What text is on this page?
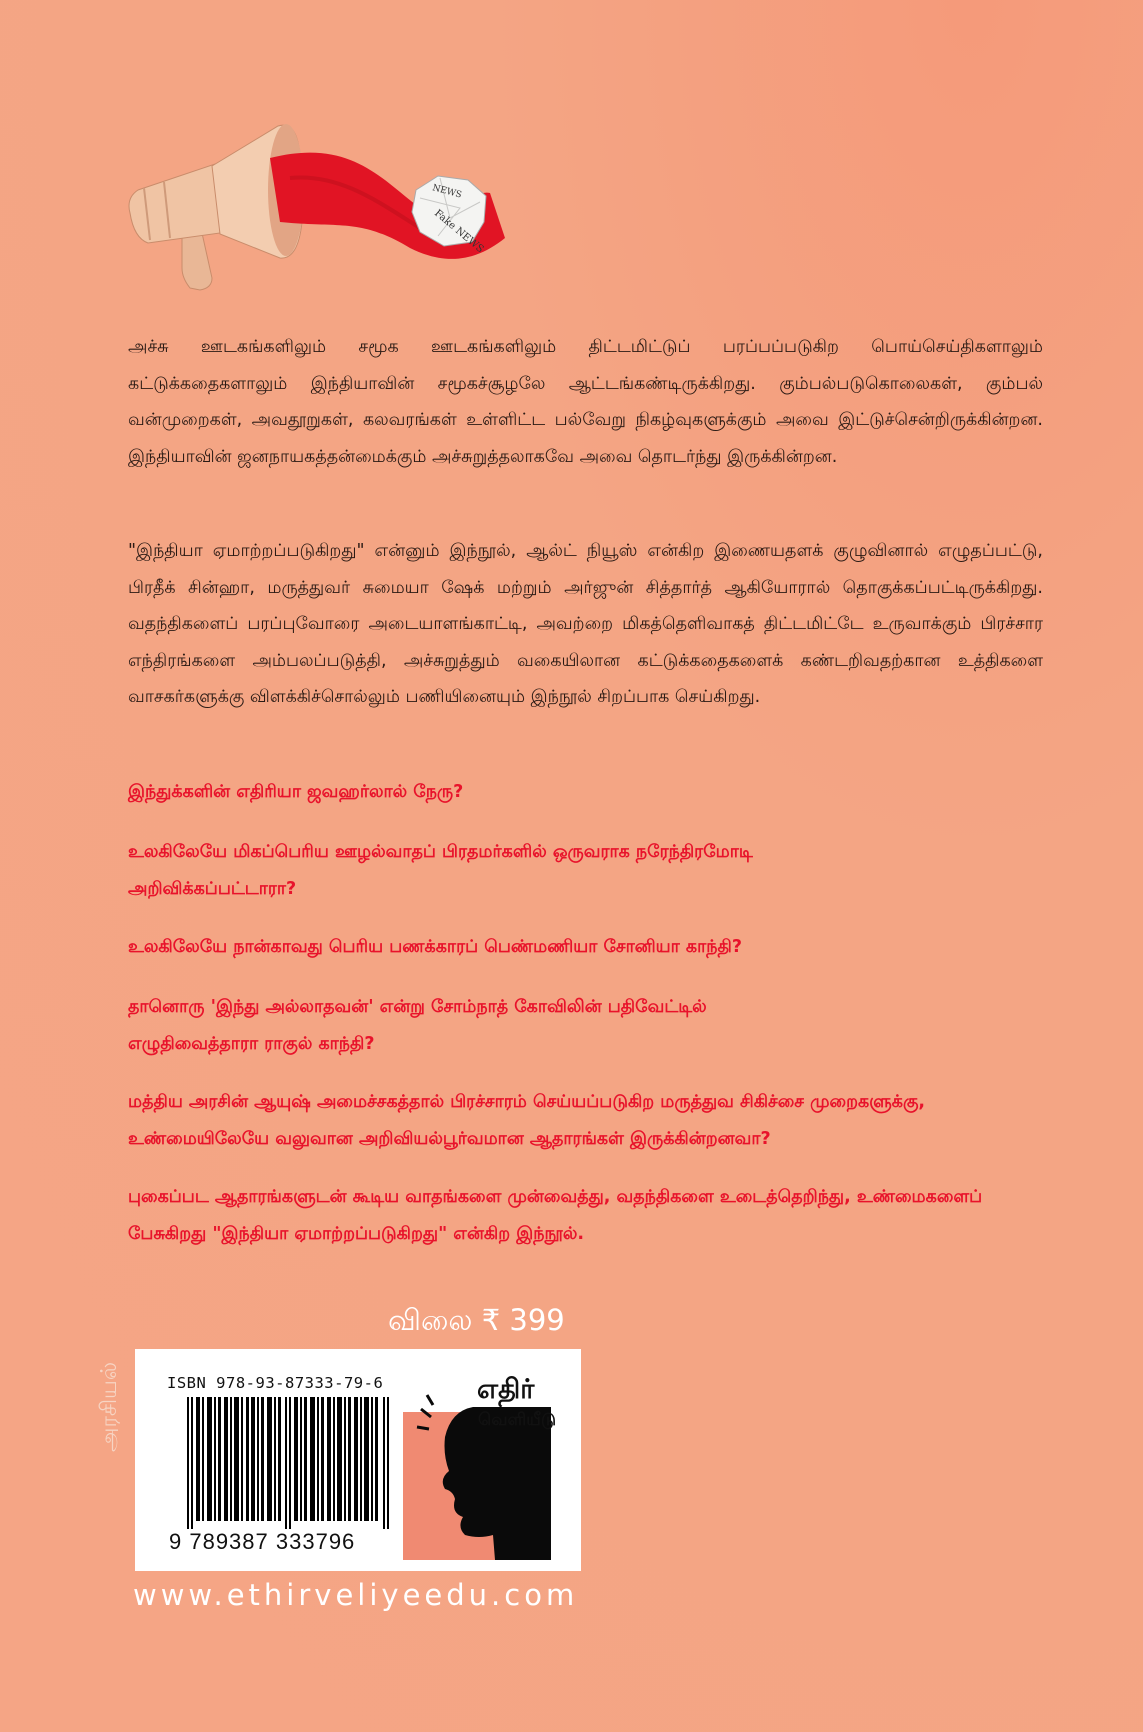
NEWS
Fake NEWS

அச்சு ஊடகங்களிலும் சமூக ஊடகங்களிலும் திட்டமிட்டுப் பரப்பப்படுகிற பொய்செய்திகளாலும் கட்டுக்கதைகளாலும் இந்தியாவின் சமூகச்சூழலே ஆட்டங்கண்டிருக்கிறது. கும்பல்படுகொலைகள், கும்பல் வன்முறைகள், அவதூறுகள், கலவரங்கள் உள்ளிட்ட பல்வேறு நிகழ்வுகளுக்கும் அவை இட்டுச்சென்றிருக்கின்றன. இந்தியாவின் ஜனநாயகத்தன்மைக்கும் அச்சுறுத்தலாகவே அவை தொடர்ந்து இருக்கின்றன.

"இந்தியா ஏமாற்றப்படுகிறது" என்னும் இந்நூல், ஆல்ட் நியூஸ் என்கிற இணையதளக் குழுவினால் எழுதப்பட்டு, பிரதீக் சின்ஹா, மருத்துவர் சுமையா ஷேக் மற்றும் அர்ஜுன் சித்தார்த் ஆகியோரால் தொகுக்கப்பட்டிருக்கிறது. வதந்திகளைப் பரப்புவோரை அடையாளங்காட்டி, அவற்றை மிகத்தெளிவாகத் திட்டமிட்டே உருவாக்கும் பிரச்சார எந்திரங்களை அம்பலப்படுத்தி, அச்சுறுத்தும் வகையிலான கட்டுக்கதைகளைக் கண்டறிவதற்கான உத்திகளை வாசகர்களுக்கு விளக்கிச்சொல்லும் பணியினையும் இந்நூல் சிறப்பாக செய்கிறது.

இந்துக்களின் எதிரியா ஜவஹர்லால் நேரு?

உலகிலேயே மிகப்பெரிய ஊழல்வாதப் பிரதமர்களில் ஒருவராக நரேந்திரமோடி அறிவிக்கப்பட்டாரா?

உலகிலேயே நான்காவது பெரிய பணக்காரப் பெண்மணியா சோனியா காந்தி?

தானொரு 'இந்து அல்லாதவன்' என்று சோம்நாத் கோவிலின் பதிவேட்டில் எழுதிவைத்தாரா ராகுல் காந்தி?

மத்திய அரசின் ஆயுஷ் அமைச்சகத்தால் பிரச்சாரம் செய்யப்படுகிற மருத்துவ சிகிச்சை முறைகளுக்கு, உண்மையிலேயே வலுவான அறிவியல்பூர்வமான ஆதாரங்கள் இருக்கின்றனவா?

புகைப்பட ஆதாரங்களுடன் கூடிய வாதங்களை முன்வைத்து, வதந்திகளை உடைத்தெறிந்து, உண்மைகளைப் பேசுகிறது "இந்தியா ஏமாற்றப்படுகிறது" என்கிற இந்நூல்.

விலை ₹ 399
அரசியல்	ISBN 978-93-87333-79-6
9 789387 333796
எதிர்
வெளியீடு
www.ethirveliyeedu.com
